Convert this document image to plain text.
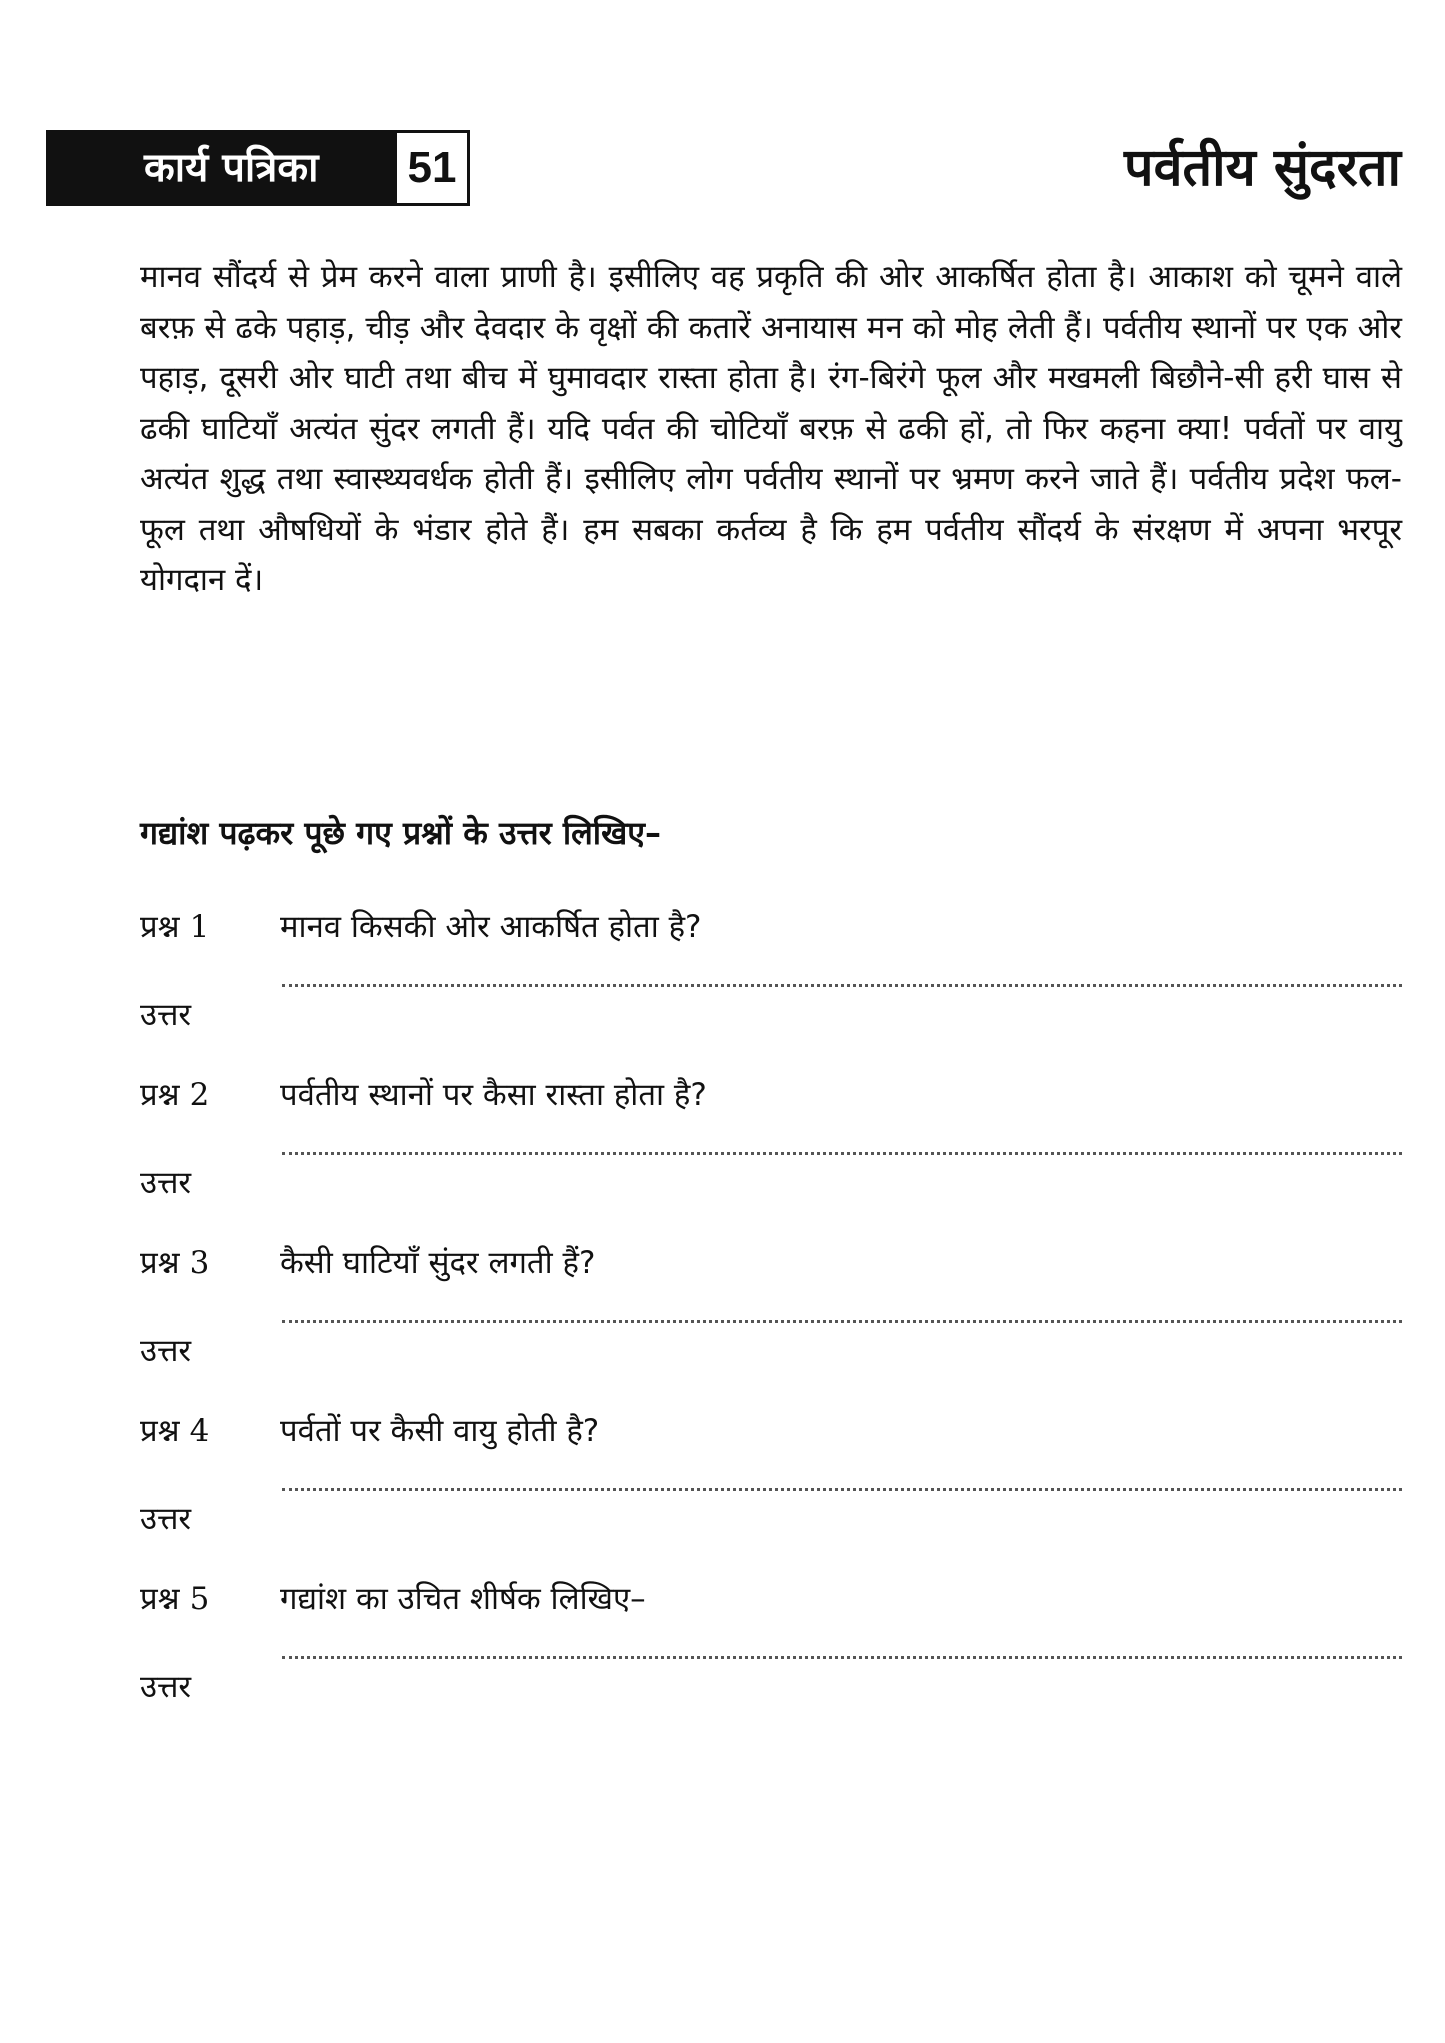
कार्य पत्रिका	51	पर्वतीय सुंदरता

मानव सौंदर्य से प्रेम करने वाला प्राणी है। इसीलिए वह प्रकृति की ओर आकर्षित होता है। आकाश को चूमने वाले बरफ़ से ढके पहाड़, चीड़ और देवदार के वृक्षों की कतारें अनायास मन को मोह लेती हैं। पर्वतीय स्थानों पर एक ओर पहाड़, दूसरी ओर घाटी तथा बीच में घुमावदार रास्ता होता है। रंग-बिरंगे फूल और मखमली बिछौने-सी हरी घास से ढकी घाटियाँ अत्यंत सुंदर लगती हैं। यदि पर्वत की चोटियाँ बरफ़ से ढकी हों, तो फिर कहना क्या! पर्वतों पर वायु अत्यंत शुद्ध तथा स्वास्थ्यवर्धक होती हैं। इसीलिए लोग पर्वतीय स्थानों पर भ्रमण करने जाते हैं। पर्वतीय प्रदेश फल-फूल तथा औषधियों के भंडार होते हैं। हम सबका कर्तव्य है कि हम पर्वतीय सौंदर्य के संरक्षण में अपना भरपूर योगदान दें।

गद्यांश पढ़कर पूछे गए प्रश्नों के उत्तर लिखिए–
प्रश्न 1 मानव किसकी ओर आकर्षित होता है?
उत्तर
प्रश्न 2 पर्वतीय स्थानों पर कैसा रास्ता होता है?
उत्तर
प्रश्न 3 कैसी घाटियाँ सुंदर लगती हैं?
उत्तर
प्रश्न 4 पर्वतों पर कैसी वायु होती है?
उत्तर
प्रश्न 5 गद्यांश का उचित शीर्षक लिखिए–
उत्तर
